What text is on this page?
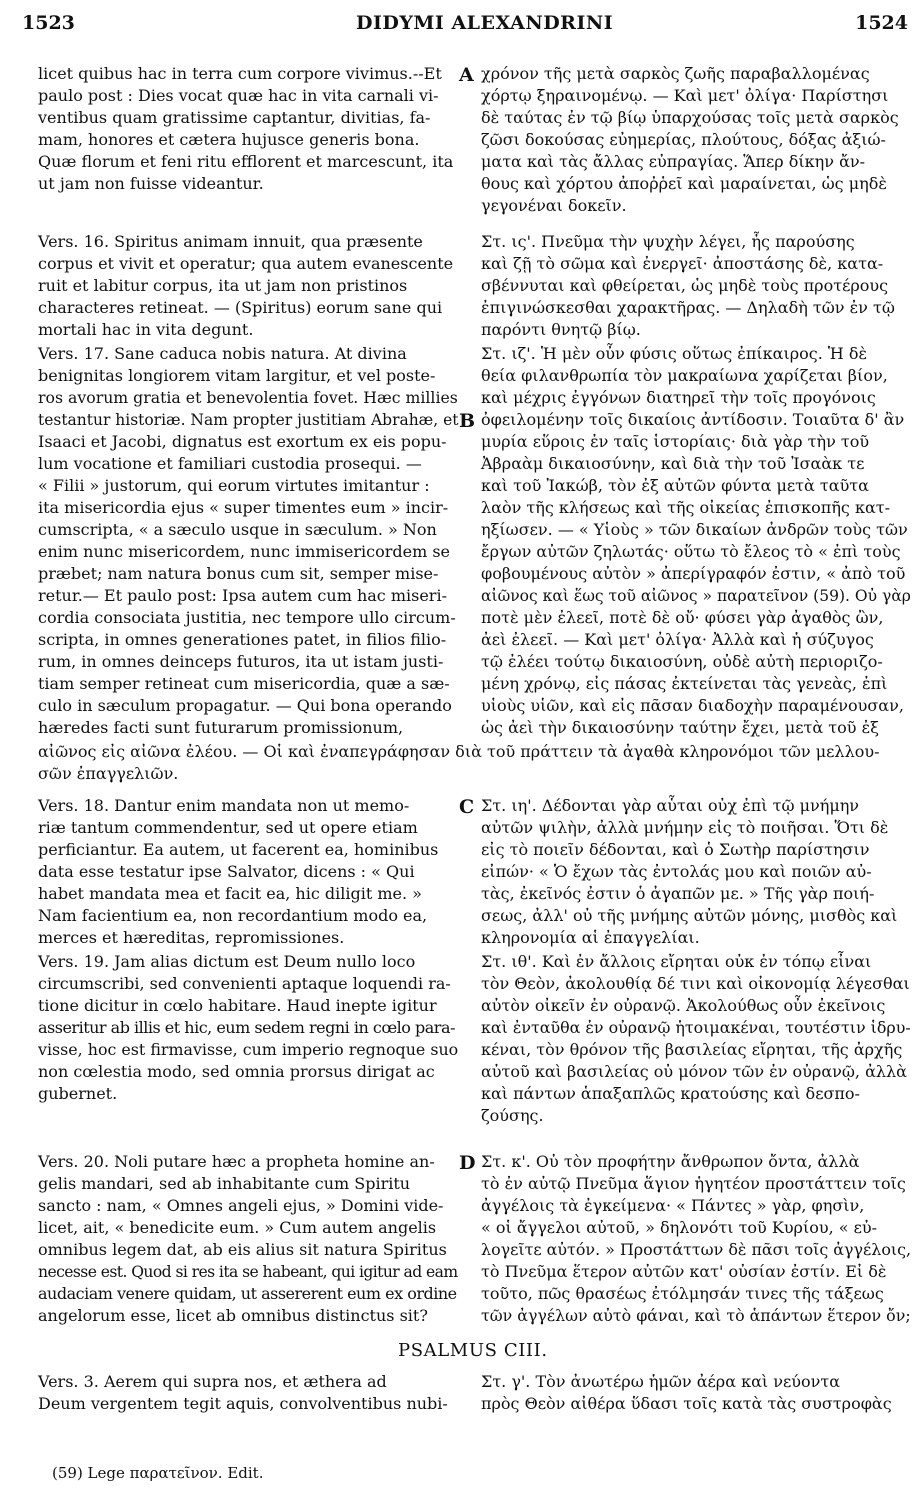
1523	DIDYMI ALEXANDRINI	1524
licet quibus hac in terra cum corpore vivimus.--Et
paulo post : Dies vocat quæ hac in vita carnali vi-
ventibus quam gratissime captantur, divitias, fa-
mam, honores et cætera hujusce generis bona.
Quæ florum et feni ritu efflorent et marcescunt, ita
ut jam non fuisse videantur.
Vers. 16. Spiritus animam innuit, qua præsente
corpus et vivit et operatur; qua autem evanescente
ruit et labitur corpus, ita ut jam non pristinos
characteres retineat. — (Spiritus) eorum sane qui
mortali hac in vita degunt.
Vers. 17. Sane caduca nobis natura. At divina
benignitas longiorem vitam largitur, et vel poste-
ros avorum gratia et benevolentia fovet. Hæc millies
testantur historiæ. Nam propter justitiam Abrahæ, et
Isaaci et Jacobi, dignatus est exortum ex eis popu-
lum vocatione et familiari custodia prosequi. —
« Filii » justorum, qui eorum virtutes imitantur :
ita misericordia ejus « super timentes eum » incir-
cumscripta, « a sæculo usque in sæculum. » Non
enim nunc misericordem, nunc immisericordem se
præbet; nam natura bonus cum sit, semper mise-
retur.— Et paulo post: Ipsa autem cum hac miseri-
cordia consociata justitia, nec tempore ullo circum-
scripta, in omnes generationes patet, in filios filio-
rum, in omnes deinceps futuros, ita ut istam justi-
tiam semper retineat cum misericordia, quæ a sæ-
culo in sæculum propagatur. — Qui bona operando
hæredes facti sunt futurarum promissionum,
χρόνον τῆς μετὰ σαρκὸς ζωῆς παραβαλλομένας
χόρτῳ ξηραινομένῳ. — Καὶ μετ' ὀλίγα· Παρίστησι
δὲ ταύτας ἐν τῷ βίῳ ὑπαρχούσας τοῖς μετὰ σαρκὸς
ζῶσι δοκούσας εὐημερίας, πλούτους, δόξας ἀξιώ-
ματα καὶ τὰς ἄλλας εὐπραγίας. Ἅπερ δίκην ἄν-
θους καὶ χόρτου ἀποῤῥεῖ καὶ μαραίνεται, ὡς μηδὲ
γεγονέναι δοκεῖν.
Στ. ις'. Πνεῦμα τὴν ψυχὴν λέγει, ἧς παρούσης
καὶ ζῇ τὸ σῶμα καὶ ἐνεργεῖ· ἀποστάσης δὲ, κατα-
σβέννυται καὶ φθείρεται, ὡς μηδὲ τοὺς προτέρους
ἐπιγινώσκεσθαι χαρακτῆρας. — Δηλαδὴ τῶν ἐν τῷ
παρόντι θνητῷ βίῳ.
Στ. ιζ'. Ἡ μὲν οὖν φύσις οὕτως ἐπίκαιρος. Ἡ δὲ
θεία φιλανθρωπία τὸν μακραίωνα χαρίζεται βίον,
καὶ μέχρις ἐγγόνων διατηρεῖ τὴν τοῖς προγόνοις
ὀφειλομένην τοῖς δικαίοις ἀντίδοσιν. Τοιαῦτα δ' ἂν
μυρία εὕροις ἐν ταῖς ἱστορίαις· διὰ γὰρ τὴν τοῦ
Ἀβραὰμ δικαιοσύνην, καὶ διὰ τὴν τοῦ Ἰσαὰκ τε
καὶ τοῦ Ἰακώβ, τὸν ἐξ αὐτῶν φύντα μετὰ ταῦτα
λαὸν τῆς κλήσεως καὶ τῆς οἰκείας ἐπισκοπῆς κατ-
ηξίωσεν. — « Υἱοὺς » τῶν δικαίων ἀνδρῶν τοὺς τῶν
ἔργων αὐτῶν ζηλωτάς· οὕτω τὸ ἔλεος τὸ « ἐπὶ τοὺς
φοβουμένους αὐτὸν » ἀπερίγραφόν ἐστιν, « ἀπὸ τοῦ
αἰῶνος καὶ ἕως τοῦ αἰῶνος » παρατεῖνον (59). Οὐ γὰρ
ποτὲ μὲν ἐλεεῖ, ποτὲ δὲ οὔ· φύσει γὰρ ἀγαθὸς ὢν,
ἀεὶ ἐλεεῖ. — Καὶ μετ' ὀλίγα· Ἀλλὰ καὶ ἡ σύζυγος
τῷ ἐλέει τούτῳ δικαιοσύνη, οὐδὲ αὐτὴ περιοριζο-
μένη χρόνῳ, εἰς πάσας ἐκτείνεται τὰς γενεὰς, ἐπὶ
υἱοὺς υἱῶν, καὶ εἰς πᾶσαν διαδοχὴν παραμένουσαν,
ὡς ἀεὶ τὴν δικαιοσύνην ταύτην ἔχει, μετὰ τοῦ ἐξ
αἰῶνος εἰς αἰῶνα ἐλέου. — Οἱ καὶ ἐναπεγράφησαν διὰ τοῦ πράττειν τὰ ἀγαθὰ κληρονόμοι τῶν μελλου-
σῶν ἐπαγγελιῶν.
Vers. 18. Dantur enim mandata non ut memo-
riæ tantum commendentur, sed ut opere etiam
perficiantur. Ea autem, ut facerent ea, hominibus
data esse testatur ipse Salvator, dicens : « Qui
habet mandata mea et facit ea, hic diligit me. »
Nam facientium ea, non recordantium modo ea,
merces et hæreditas, repromissiones.
Vers. 19. Jam alias dictum est Deum nullo loco
circumscribi, sed convenienti aptaque loquendi ra-
tione dicitur in cœlo habitare. Haud inepte igitur
asseritur ab illis et hic, eum sedem regni in cœlo para-
visse, hoc est firmavisse, cum imperio regnoque suo
non cœlestia modo, sed omnia prorsus dirigat ac
gubernet.
Vers. 20. Noli putare hæc a propheta homine an-
gelis mandari, sed ab inhabitante cum Spiritu
sancto : nam, « Omnes angeli ejus, » Domini vide-
licet, ait, « benedicite eum. » Cum autem angelis
omnibus legem dat, ab eis alius sit natura Spiritus
necesse est. Quod si res ita se habeant, qui igitur ad eam
audaciam venere quidam, ut assererent eum ex ordine
angelorum esse, licet ab omnibus distinctus sit?
Στ. ιη'. Δέδονται γὰρ αὗται οὐχ ἐπὶ τῷ μνήμην
αὐτῶν ψιλὴν, ἀλλὰ μνήμην εἰς τὸ ποιῆσαι. Ὅτι δὲ
εἰς τὸ ποιεῖν δέδονται, καὶ ὁ Σωτὴρ παρίστησιν
εἰπών· « Ὁ ἔχων τὰς ἐντολάς μου καὶ ποιῶν αὐ-
τὰς, ἐκεῖνός ἐστιν ὁ ἀγαπῶν με. » Τῆς γὰρ ποιή-
σεως, ἀλλ' οὐ τῆς μνήμης αὐτῶν μόνης, μισθὸς καὶ
κληρονομία αἱ ἐπαγγελίαι.
Στ. ιθ'. Καὶ ἐν ἄλλοις εἴρηται οὐκ ἐν τόπῳ εἶναι
τὸν Θεὸν, ἀκολουθίᾳ δέ τινι καὶ οἰκονομίᾳ λέγεσθαι
αὐτὸν οἰκεῖν ἐν οὐρανῷ. Ἀκολούθως οὖν ἐκεῖνοις
καὶ ἐνταῦθα ἐν οὐρανῷ ἡτοιμακέναι, τουτέστιν ἱδρυ-
κέναι, τὸν θρόνον τῆς βασιλείας εἴρηται, τῆς ἀρχῆς
αὐτοῦ καὶ βασιλείας οὐ μόνον τῶν ἐν οὐρανῷ, ἀλλὰ
καὶ πάντων ἁπαξαπλῶς κρατούσης καὶ δεσπο-
ζούσης.
Στ. κ'. Οὐ τὸν προφήτην ἄνθρωπον ὄντα, ἀλλὰ
τὸ ἐν αὐτῷ Πνεῦμα ἅγιον ἡγητέον προστάττειν τοῖς
ἀγγέλοις τὰ ἐγκείμενα· « Πάντες » γὰρ, φησὶν,
« οἱ ἄγγελοι αὐτοῦ, » δηλονότι τοῦ Κυρίου, « εὐ-
λογεῖτε αὐτόν. » Προστάττων δὲ πᾶσι τοῖς ἀγγέλοις,
τὸ Πνεῦμα ἕτερον αὐτῶν κατ' οὐσίαν ἐστίν. Εἰ δὲ
τοῦτο, πῶς θρασέως ἐτόλμησάν τινες τῆς τάξεως
τῶν ἀγγέλων αὐτὸ φάναι, καὶ τὸ ἁπάντων ἕτερον ὄν;
PSALMUS CIII.
Vers. 3. Aerem qui supra nos, et æthera ad
Deum vergentem tegit aquis, convolventibus nubi-
Στ. γ'. Τὸν ἀνωτέρω ἡμῶν ἀέρα καὶ νεύοντα
πρὸς Θεὸν αἰθέρα ὕδασι τοῖς κατὰ τὰς συστροφὰς
(59) Lege παρατεῖνον. Edit.
A
B
C
D
